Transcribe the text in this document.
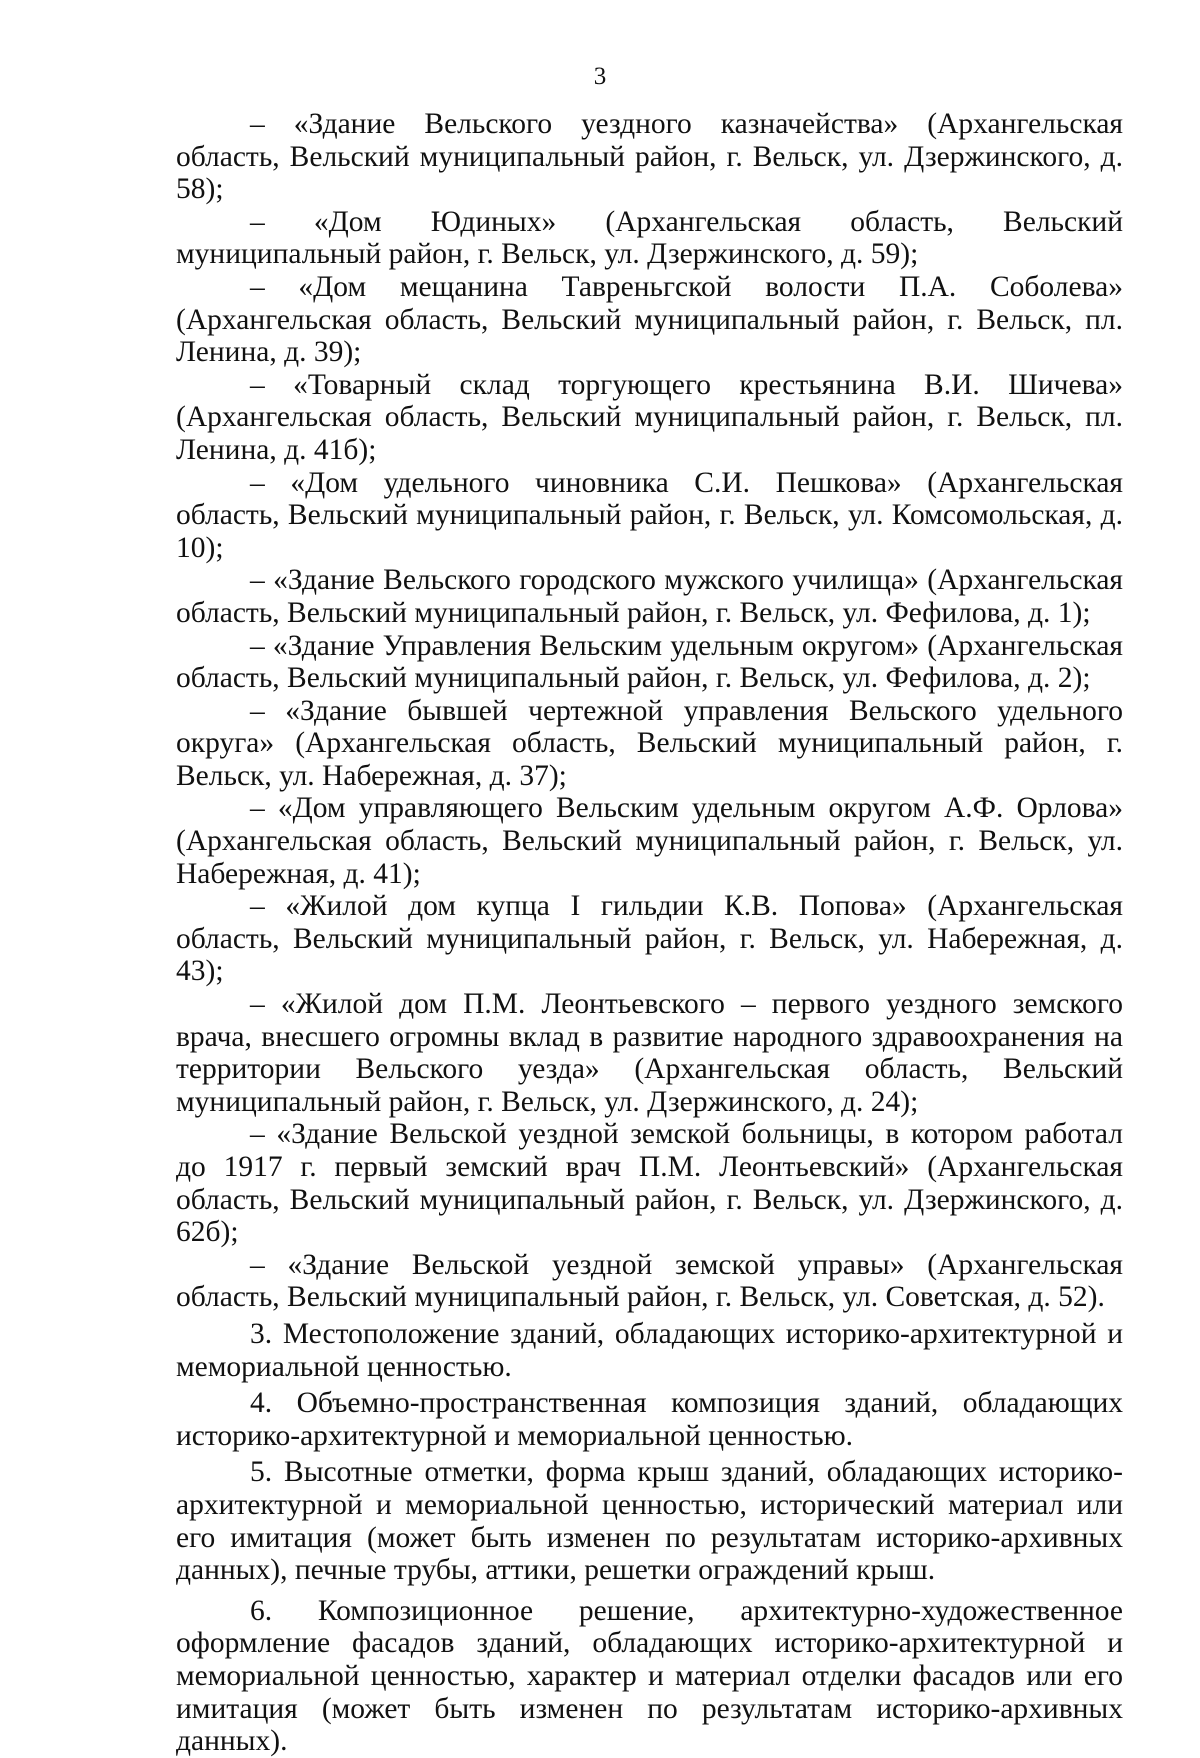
3

– «Здание Вельского уездного казначейства» (Архангельская область, Вельский муниципальный район, г. Вельск, ул. Дзержинского, д. 58);

– «Дом Юдиных» (Архангельская область, Вельский муниципальный район, г. Вельск, ул. Дзержинского, д. 59);

– «Дом мещанина Тавреньгской волости П.А. Соболева» (Архангельская область, Вельский муниципальный район, г. Вельск, пл. Ленина, д. 39);

– «Товарный склад торгующего крестьянина В.И. Шичева» (Архангельская область, Вельский муниципальный район, г. Вельск, пл. Ленина, д. 41б);

– «Дом удельного чиновника С.И. Пешкова» (Архангельская область, Вельский муниципальный район, г. Вельск, ул. Комсомольская, д. 10);

– «Здание Вельского городского мужского училища» (Архангельская область, Вельский муниципальный район, г. Вельск, ул. Фефилова, д. 1);

– «Здание Управления Вельским удельным округом» (Архангельская область, Вельский муниципальный район, г. Вельск, ул. Фефилова, д. 2);

– «Здание бывшей чертежной управления Вельского удельного округа» (Архангельская область, Вельский муниципальный район, г. Вельск, ул. Набережная, д. 37);

– «Дом управляющего Вельским удельным округом А.Ф. Орлова» (Архангельская область, Вельский муниципальный район, г. Вельск, ул. Набережная, д. 41);

– «Жилой дом купца I гильдии К.В. Попова» (Архангельская область, Вельский муниципальный район, г. Вельск, ул. Набережная, д. 43);

– «Жилой дом П.М. Леонтьевского – первого уездного земского врача, внесшего огромны вклад в развитие народного здравоохранения на территории Вельского уезда» (Архангельская область, Вельский муниципальный район, г. Вельск, ул. Дзержинского, д. 24);

– «Здание Вельской уездной земской больницы, в котором работал до 1917 г. первый земский врач П.М. Леонтьевский» (Архангельская область, Вельский муниципальный район, г. Вельск, ул. Дзержинского, д. 62б);

– «Здание Вельской уездной земской управы» (Архангельская область, Вельский муниципальный район, г. Вельск, ул. Советская, д. 52).

3. Местоположение зданий, обладающих историко-архитектурной и мемориальной ценностью.

4. Объемно-пространственная композиция зданий, обладающих историко-архитектурной и мемориальной ценностью.

5. Высотные отметки, форма крыш зданий, обладающих историко-архитектурной и мемориальной ценностью, исторический материал или его имитация (может быть изменен по результатам историко-архивных данных), печные трубы, аттики, решетки ограждений крыш.

6. Композиционное решение, архитектурно-художественное оформление фасадов зданий, обладающих историко-архитектурной и мемориальной ценностью, характер и материал отделки фасадов или его имитация (может быть изменен по результатам историко-архивных данных).
